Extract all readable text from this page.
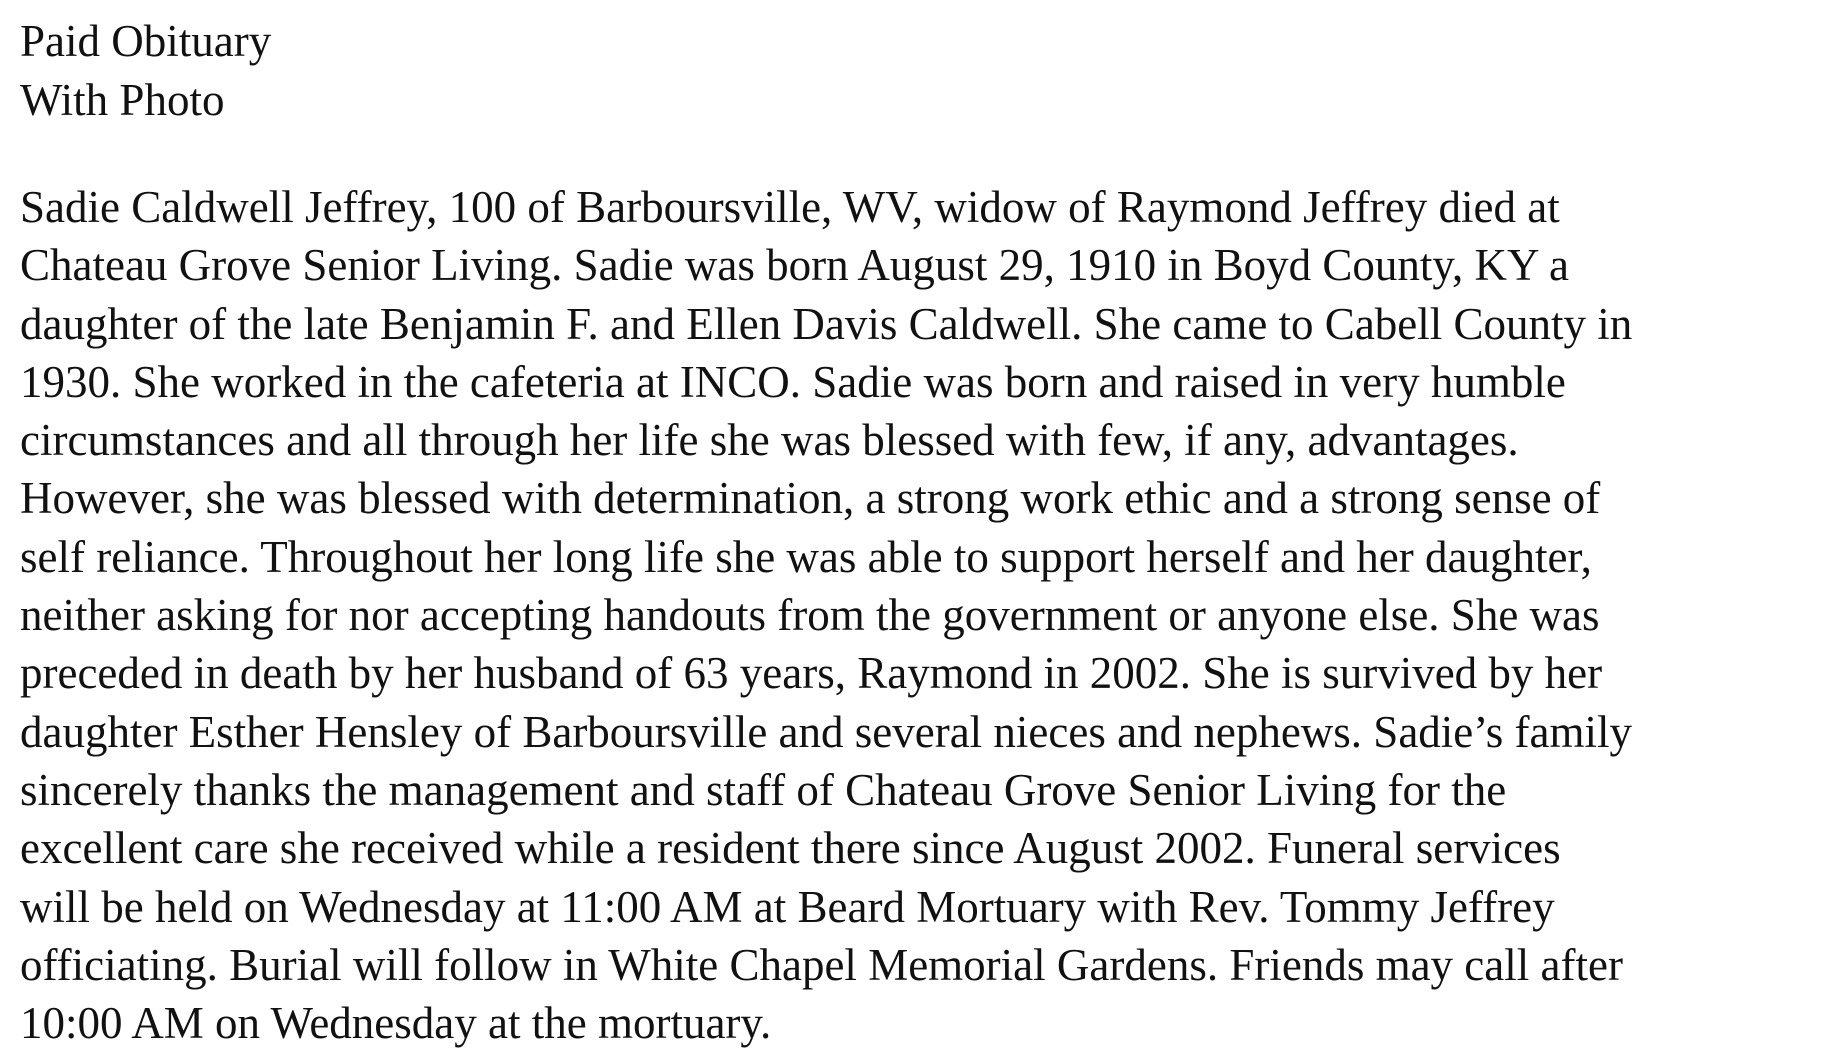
Paid Obituary
With Photo
Sadie Caldwell Jeffrey, 100 of Barboursville, WV, widow of Raymond Jeffrey died at
Chateau Grove Senior Living. Sadie was born August 29, 1910 in Boyd County, KY a
daughter of the late Benjamin F. and Ellen Davis Caldwell. She came to Cabell County in
1930. She worked in the cafeteria at INCO. Sadie was born and raised in very humble
circumstances and all through her life she was blessed with few, if any, advantages.
However, she was blessed with determination, a strong work ethic and a strong sense of
self reliance. Throughout her long life she was able to support herself and her daughter,
neither asking for nor accepting handouts from the government or anyone else. She was
preceded in death by her husband of 63 years, Raymond in 2002. She is survived by her
daughter Esther Hensley of Barboursville and several nieces and nephews. Sadie’s family
sincerely thanks the management and staff of Chateau Grove Senior Living for the
excellent care she received while a resident there since August 2002. Funeral services
will be held on Wednesday at 11:00 AM at Beard Mortuary with Rev. Tommy Jeffrey
officiating. Burial will follow in White Chapel Memorial Gardens. Friends may call after
10:00 AM on Wednesday at the mortuary.
